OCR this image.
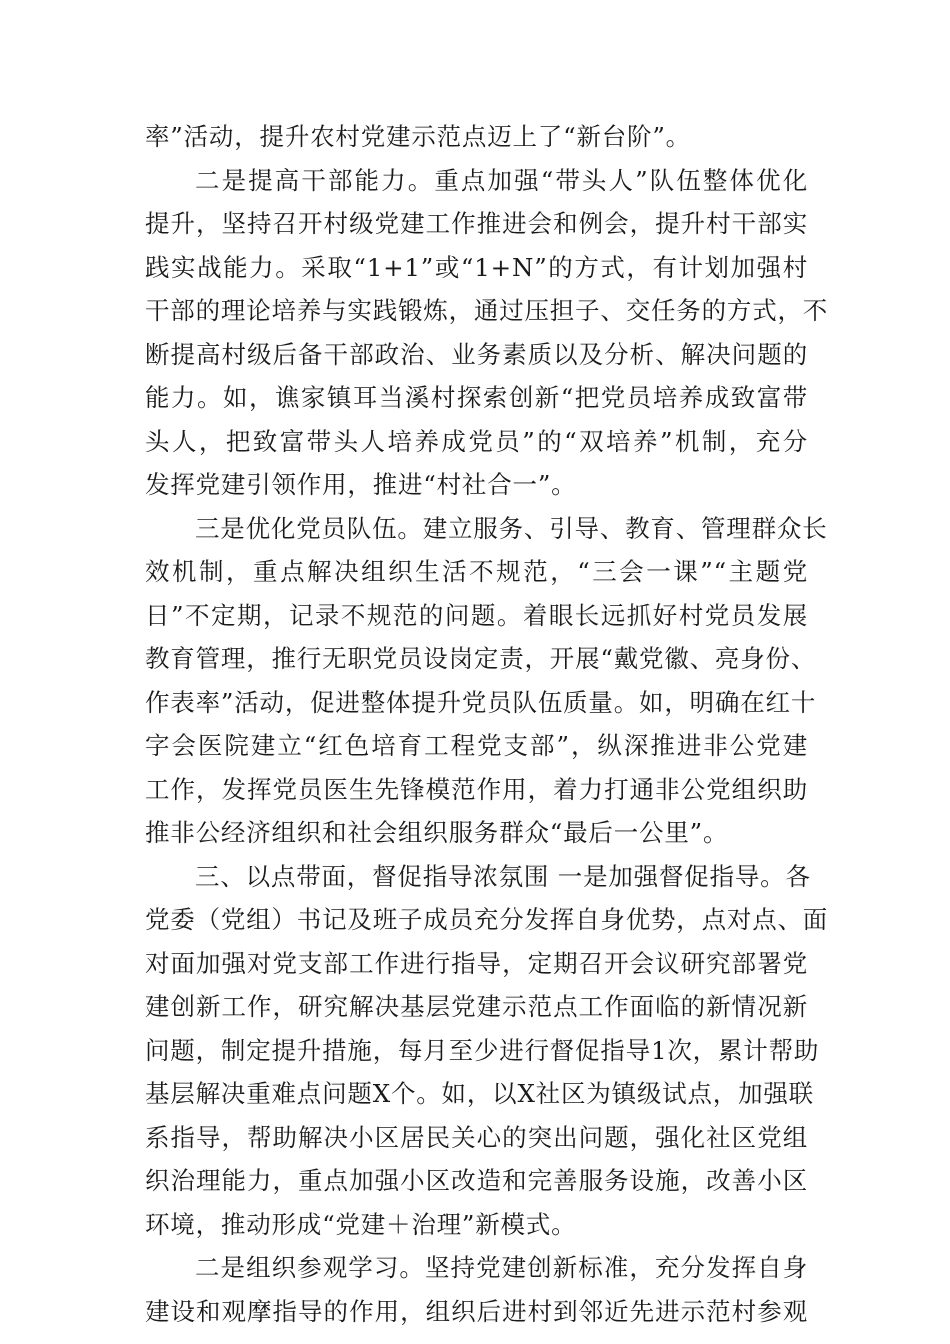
率”活动，提升农村党建示范点迈上了“新台阶”。
二是提高干部能力。重点加强“带头人”队伍整体优化
提升，坚持召开村级党建工作推进会和例会，提升村干部实
践实战能力。采取“1+1”或“1+N”的方式，有计划加强村
干部的理论培养与实践锻炼，通过压担子、交任务的方式，不
断提高村级后备干部政治、业务素质以及分析、解决问题的
能力。如，谯家镇耳当溪村探索创新“把党员培养成致富带
头人，把致富带头人培养成党员”的“双培养”机制，充分
发挥党建引领作用，推进“村社合一”。
三是优化党员队伍。建立服务、引导、教育、管理群众长
效机制，重点解决组织生活不规范，“三会一课”“主题党
日”不定期，记录不规范的问题。着眼长远抓好村党员发展
教育管理，推行无职党员设岗定责，开展“戴党徽、亮身份、
作表率”活动，促进整体提升党员队伍质量。如，明确在红十
字会医院建立“红色培育工程党支部”，纵深推进非公党建
工作，发挥党员医生先锋模范作用，着力打通非公党组织助
推非公经济组织和社会组织服务群众“最后一公里”。
三、以点带面，督促指导浓氛围 一是加强督促指导。各
党委（党组）书记及班子成员充分发挥自身优势，点对点、面
对面加强对党支部工作进行指导，定期召开会议研究部署党
建创新工作，研究解决基层党建示范点工作面临的新情况新
问题，制定提升措施，每月至少进行督促指导1次，累计帮助
基层解决重难点问题X个。如，以X社区为镇级试点，加强联
系指导，帮助解决小区居民关心的突出问题，强化社区党组
织治理能力，重点加强小区改造和完善服务设施，改善小区
环境，推动形成“党建＋治理”新模式。
二是组织参观学习。坚持党建创新标准，充分发挥自身
建设和观摩指导的作用，组织后进村到邻近先进示范村参观
